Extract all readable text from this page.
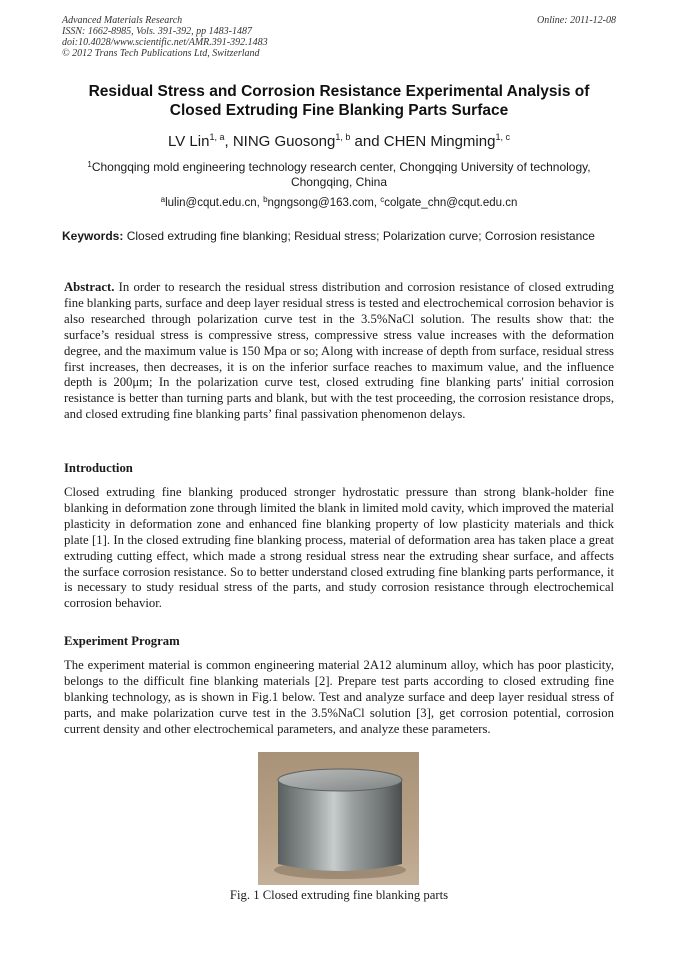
Advanced Materials Research
ISSN: 1662-8985, Vols. 391-392, pp 1483-1487
doi:10.4028/www.scientific.net/AMR.391-392.1483
© 2012 Trans Tech Publications Ltd, Switzerland
Online: 2011-12-08
Residual Stress and Corrosion Resistance Experimental Analysis of
Closed Extruding Fine Blanking Parts Surface
LV Lin$^{1, a}$, NING Guosong$^{1, b}$ and CHEN Mingming$^{1, c}$
$^1$Chongqing mold engineering technology research center, Chongqing University of technology, Chongqing, China
$^a$lulin@cqut.edu.cn, $^b$ngngsong@163.com, $^c$colgate_chn@cqut.edu.cn
Keywords: Closed extruding fine blanking; Residual stress; Polarization curve; Corrosion resistance
Abstract. In order to research the residual stress distribution and corrosion resistance of closed extruding fine blanking parts, surface and deep layer residual stress is tested and electrochemical corrosion behavior is also researched through polarization curve test in the 3.5%NaCl solution. The results show that: the surface’s residual stress is compressive stress, compressive stress value increases with the deformation degree, and the maximum value is 150 Mpa or so; Along with increase of depth from surface, residual stress first increases, then decreases, it is on the inferior surface reaches to maximum value, and the influence depth is 200μm; In the polarization curve test, closed extruding fine blanking parts' initial corrosion resistance is better than turning parts and blank, but with the test proceeding, the corrosion resistance drops, and closed extruding fine blanking parts’ final passivation phenomenon delays.
Introduction
Closed extruding fine blanking produced stronger hydrostatic pressure than strong blank-holder fine blanking in deformation zone through limited the blank in limited mold cavity, which improved the material plasticity in deformation zone and enhanced fine blanking property of low plasticity materials and thick plate [1]. In the closed extruding fine blanking process, material of deformation area has taken place a great extruding cutting effect, which made a strong residual stress near the extruding shear surface, and affects the surface corrosion resistance. So to better understand closed extruding fine blanking parts performance, it is necessary to study residual stress of the parts, and study corrosion resistance through electrochemical corrosion behavior.
Experiment Program
The experiment material is common engineering material 2A12 aluminum alloy, which has poor plasticity, belongs to the difficult fine blanking materials [2]. Prepare test parts according to closed extruding fine blanking technology, as is shown in Fig.1 below. Test and analyze surface and deep layer residual stress of parts, and make polarization curve test in the 3.5%NaCl solution [3], get corrosion potential, corrosion current density and other electrochemical parameters, and analyze these parameters.
Fig. 1 Closed extruding fine blanking parts
